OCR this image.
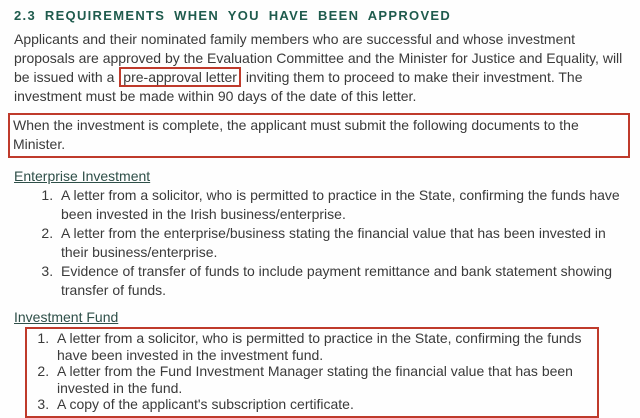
2.3 REQUIREMENTS WHEN YOU HAVE BEEN APPROVED

Applicants and their nominated family members who are successful and whose investment proposals are approved by the Evaluation Committee and the Minister for Justice and Equality, will be issued with a pre-approval letter inviting them to proceed to make their investment. The investment must be made within 90 days of the date of this letter.

When the investment is complete, the applicant must submit the following documents to the Minister.
Enterprise Investment
1. A letter from a solicitor, who is permitted to practice in the State, confirming the funds have been invested in the Irish business/enterprise.
2. A letter from the enterprise/business stating the financial value that has been invested in their business/enterprise.
3. Evidence of transfer of funds to include payment remittance and bank statement showing transfer of funds.
Investment Fund
1. A letter from a solicitor, who is permitted to practice in the State, confirming the funds have been invested in the investment fund.
2. A letter from the Fund Investment Manager stating the financial value that has been invested in the fund.
3. A copy of the applicant's subscription certificate.
